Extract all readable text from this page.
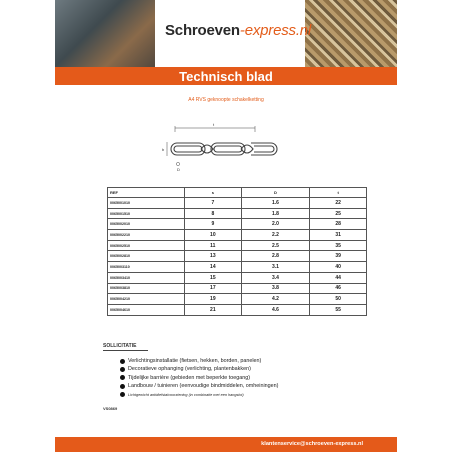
Schroeven-express.nl
Technisch blad
A4 RVS geknoopte schakelketting
t
b
D
REF	s	D	t
0065001010	7	1.6	22
0065001510	8	1.8	25
0065002010	9	2.0	28
0065002210	10	2.2	31
0065002510	11	2.5	35
0065002810	13	2.8	39
0065003110	14	3.1	40
0065003410	15	3.4	44
0065003810	17	3.8	46
0065004210	19	4.2	50
0065004610	21	4.6	55
SOLLICITATIE
Verlichtingsinstallatie (fietsen, hekken, borden, panelen)
Decoratieve ophanging (verlichting, plantenbakken)
Tijdelijke barrière (gebieden met beperkte toegang)
Landbouw / tuinieren (eenvoudige bindmiddelen, omheiningen)
Lichtgewicht antidiefstalvoorziening (in combinatie met een hangslot)
VS0869
klantenservice@schroeven-express.nl
